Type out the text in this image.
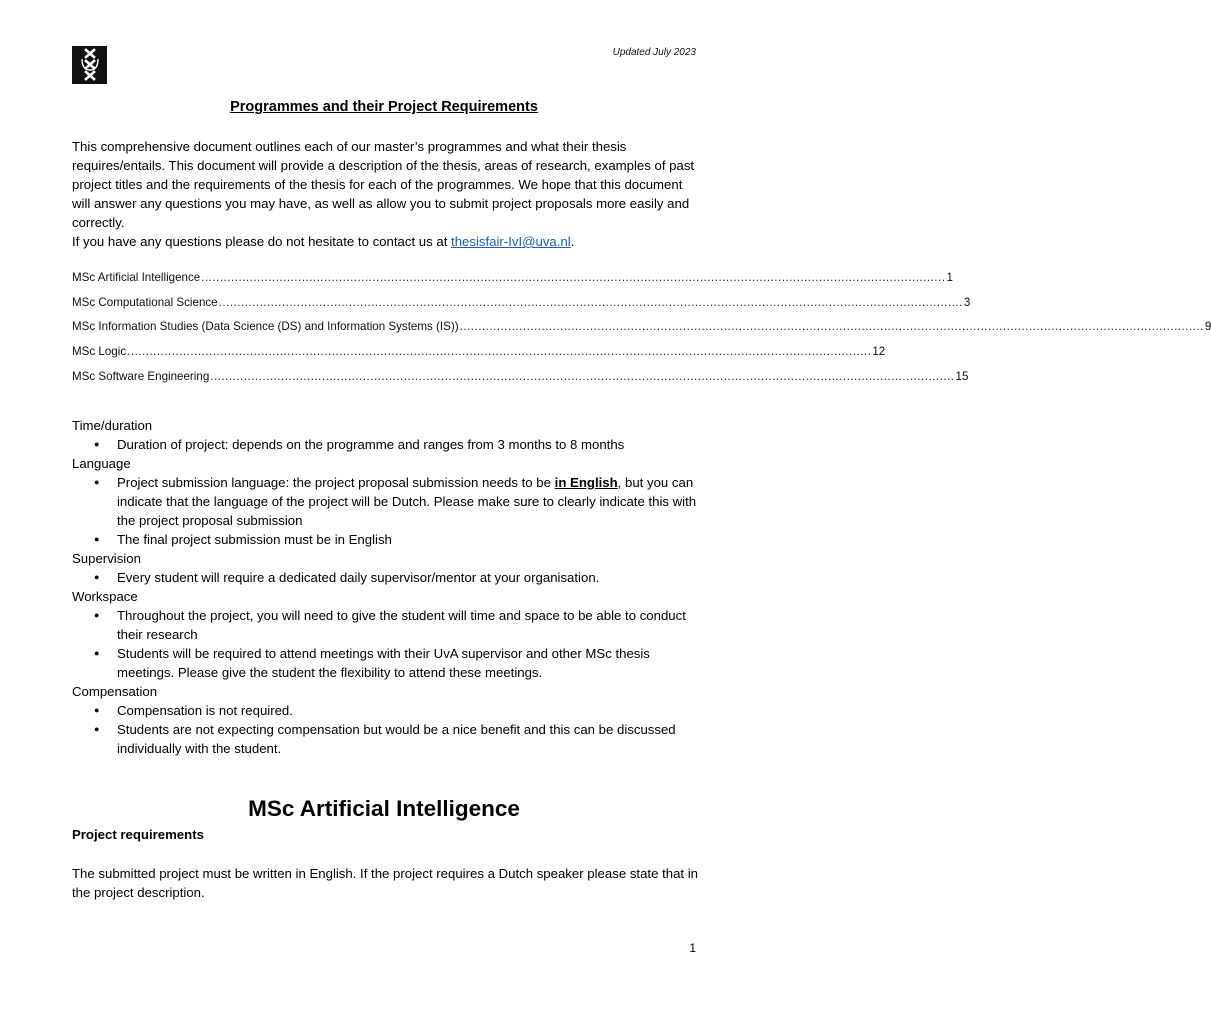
Updated July 2023
Programmes and their Project Requirements

This comprehensive document outlines each of our master’s programmes and what their thesis requires/entails. This document will provide a description of the thesis, areas of research, examples of past project titles and the requirements of the thesis for each of the programmes. We hope that this document will answer any questions you may have, as well as allow you to submit project proposals more easily and correctly.

If you have any questions please do not hesitate to contact us at thesisfair-IvI@uva.nl.

MSc Artificial Intelligence ........................................................................................................................................................................................................ 1
MSc Computational Science ........................................................................................................................................................................................................ 3
MSc Information Studies (Data Science (DS) and Information Systems (IS)) ........................................................................................................................................................................................................ 9
MSc Logic ........................................................................................................................................................................................................ 12
MSc Software Engineering ........................................................................................................................................................................................................ 15

Time/duration

● Duration of project: depends on the programme and ranges from 3 months to 8 months

Language

● Project submission language: the project proposal submission needs to be in English, but you can indicate that the language of the project will be Dutch. Please make sure to clearly indicate this with the project proposal submission
● The final project submission must be in English

Supervision

● Every student will require a dedicated daily supervisor/mentor at your organisation.

Workspace

● Throughout the project, you will need to give the student will time and space to be able to conduct their research
● Students will be required to attend meetings with their UvA supervisor and other MSc thesis meetings. Please give the student the flexibility to attend these meetings.

Compensation

● Compensation is not required.
● Students are not expecting compensation but would be a nice benefit and this can be discussed individually with the student.
MSc Artificial Intelligence
Project requirements
The submitted project must be written in English. If the project requires a Dutch speaker please state that in the project description.
1
